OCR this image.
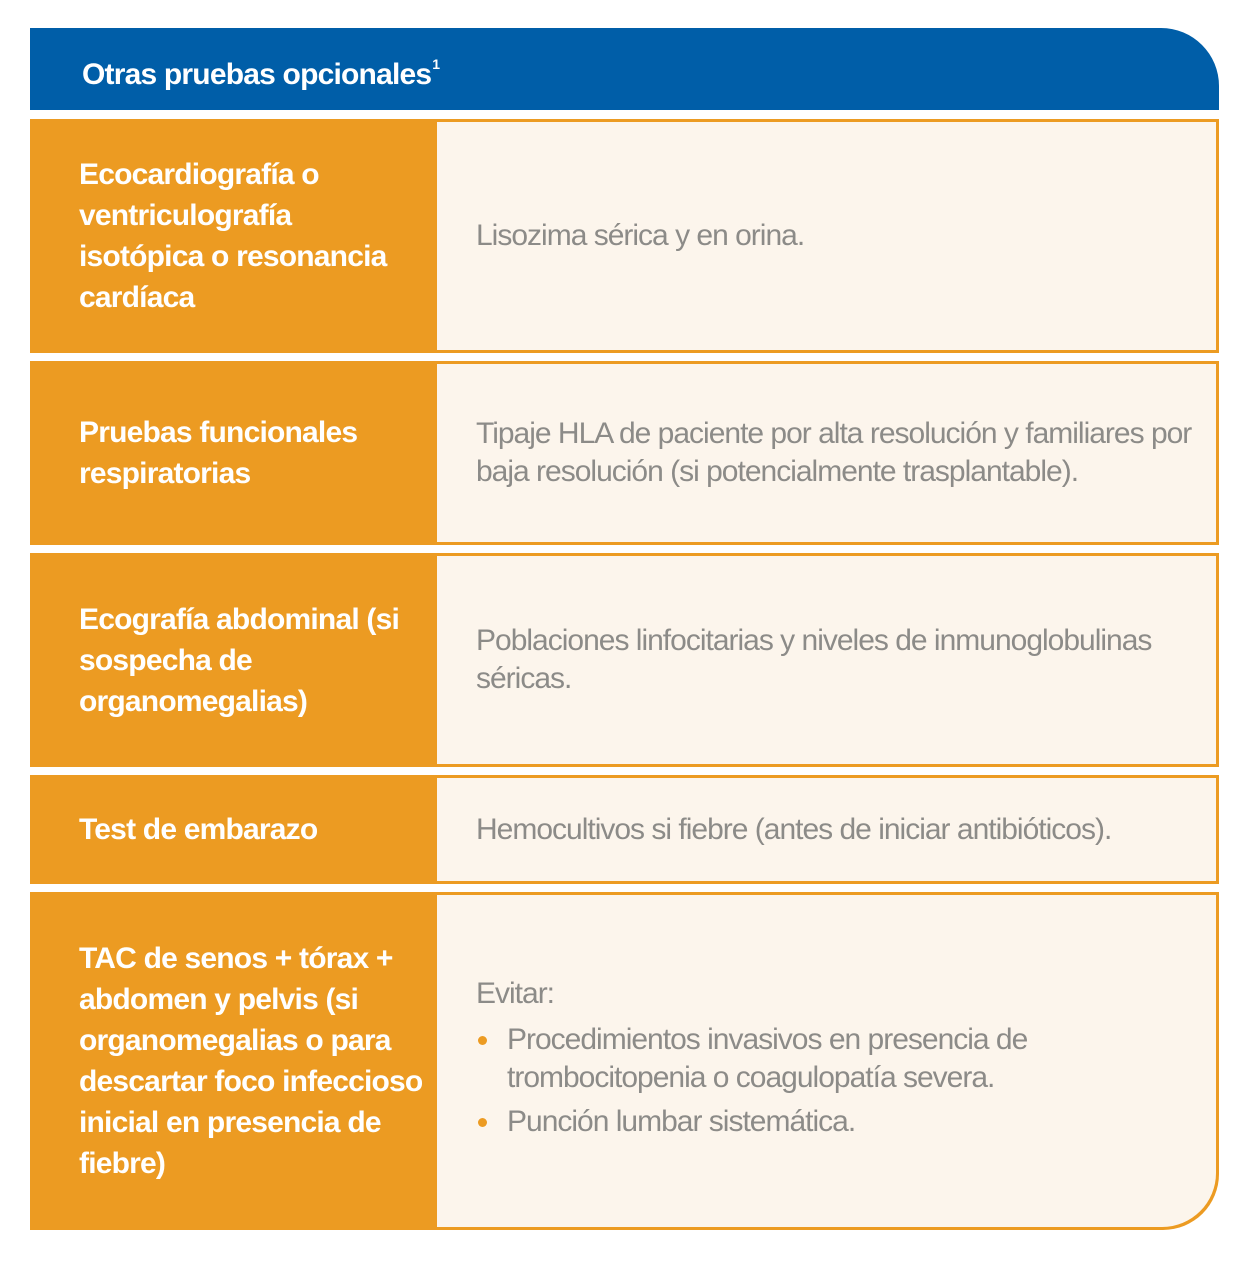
Otras pruebas opcionales$^1$
Ecocardiografía o ventriculografía isotópica o resonancia cardíaca
Lisozima sérica y en orina.
Pruebas funcionales respiratorias
Tipaje HLA de paciente por alta resolución y familiares por baja resolución (si potencialmente trasplantable).
Ecografía abdominal (si sospecha de organomegalias)
Poblaciones linfocitarias y niveles de inmunoglobulinas séricas.
Test de embarazo	Hemocultivos si fiebre (antes de iniciar antibióticos).
TAC de senos + tórax + abdomen y pelvis (si organomegalias o para descartar foco infeccioso inicial en presencia de fiebre)
Evitar:
Procedimientos invasivos en presencia de trombocitopenia o coagulopatía severa.
Punción lumbar sistemática.
